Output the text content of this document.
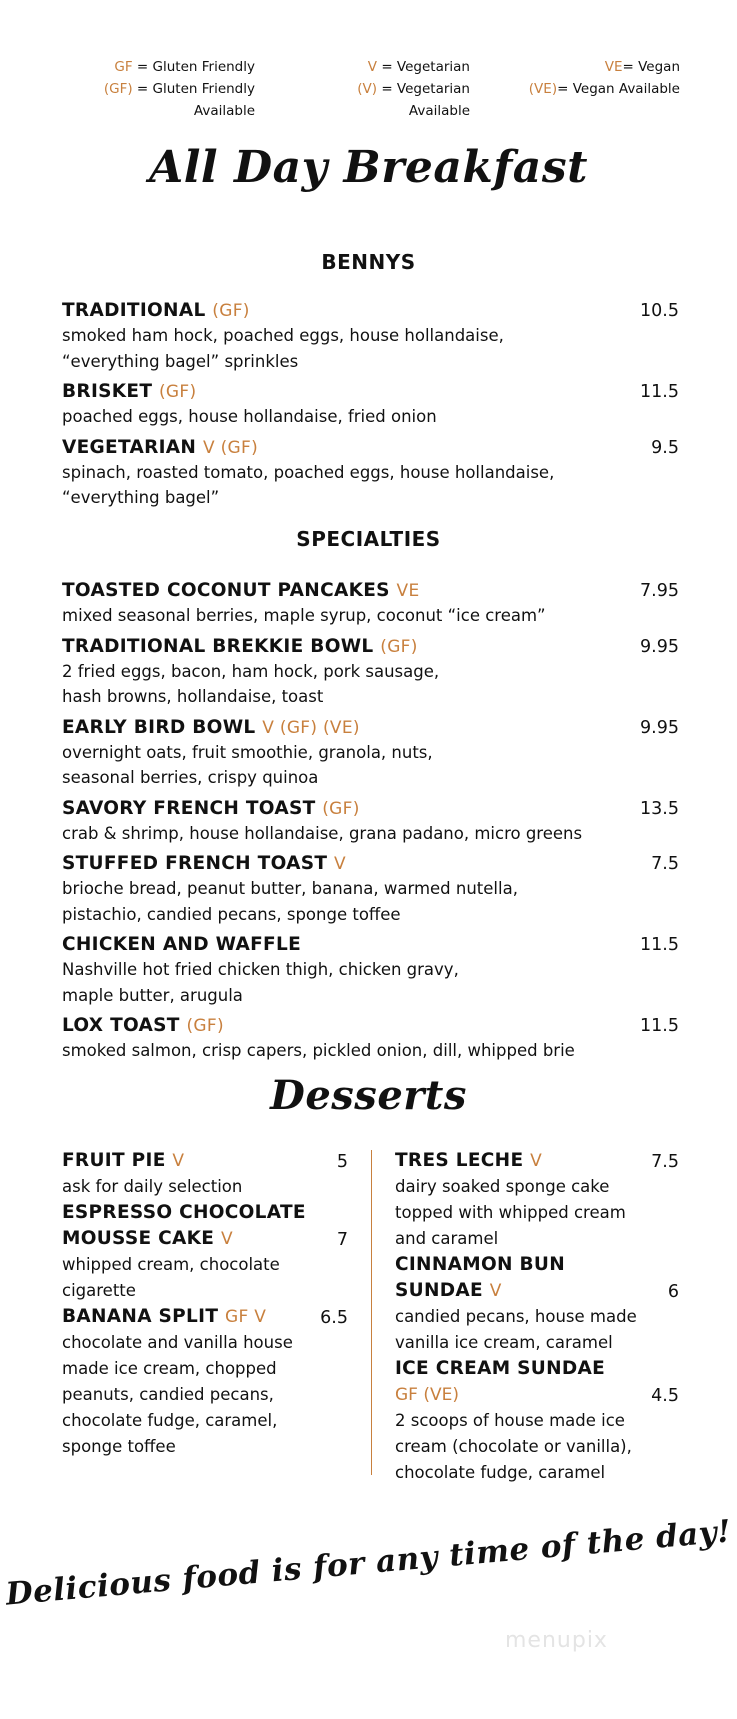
GF = Gluten Friendly
(GF) = Gluten Friendly
Available
V = Vegetarian
(V) = Vegetarian
Available
VE= Vegan
(VE)= Vegan Available
All Day Breakfast
BENNYS
TRADITIONAL (GF)	10.5
smoked ham hock, poached eggs, house hollandaise,
“everything bagel” sprinkles
BRISKET (GF)	11.5
poached eggs, house hollandaise, fried onion
VEGETARIAN V (GF)	9.5
spinach, roasted tomato, poached eggs, house hollandaise,
“everything bagel”
SPECIALTIES
TOASTED COCONUT PANCAKES VE	7.95
mixed seasonal berries, maple syrup, coconut “ice cream”
TRADITIONAL BREKKIE BOWL (GF)	9.95
2 fried eggs, bacon, ham hock, pork sausage,
hash browns, hollandaise, toast
EARLY BIRD BOWL V (GF) (VE)	9.95
overnight oats, fruit smoothie, granola, nuts,
seasonal berries, crispy quinoa
SAVORY FRENCH TOAST (GF)	13.5
crab & shrimp, house hollandaise, grana padano, micro greens
STUFFED FRENCH TOAST V	7.5
brioche bread, peanut butter, banana, warmed nutella,
pistachio, candied pecans, sponge toffee
CHICKEN AND WAFFLE	11.5
Nashville hot fried chicken thigh, chicken gravy,
maple butter, arugula
LOX TOAST (GF)	11.5
smoked salmon, crisp capers, pickled onion, dill, whipped brie
Desserts
FRUIT PIE V	5
ask for daily selection
ESPRESSO CHOCOLATE
MOUSSE CAKE V	7
whipped cream, chocolate
cigarette
BANANA SPLIT GF V	6.5
chocolate and vanilla house
made ice cream, chopped
peanuts, candied pecans,
chocolate fudge, caramel,
sponge toffee
TRES LECHE V	7.5
dairy soaked sponge cake
topped with whipped cream
and caramel
CINNAMON BUN
SUNDAE V	6
candied pecans, house made
vanilla ice cream, caramel
ICE CREAM SUNDAE
GF (VE)	4.5
2 scoops of house made ice
cream (chocolate or vanilla),
chocolate fudge, caramel
Delicious food is for any time of the day!
menupix
